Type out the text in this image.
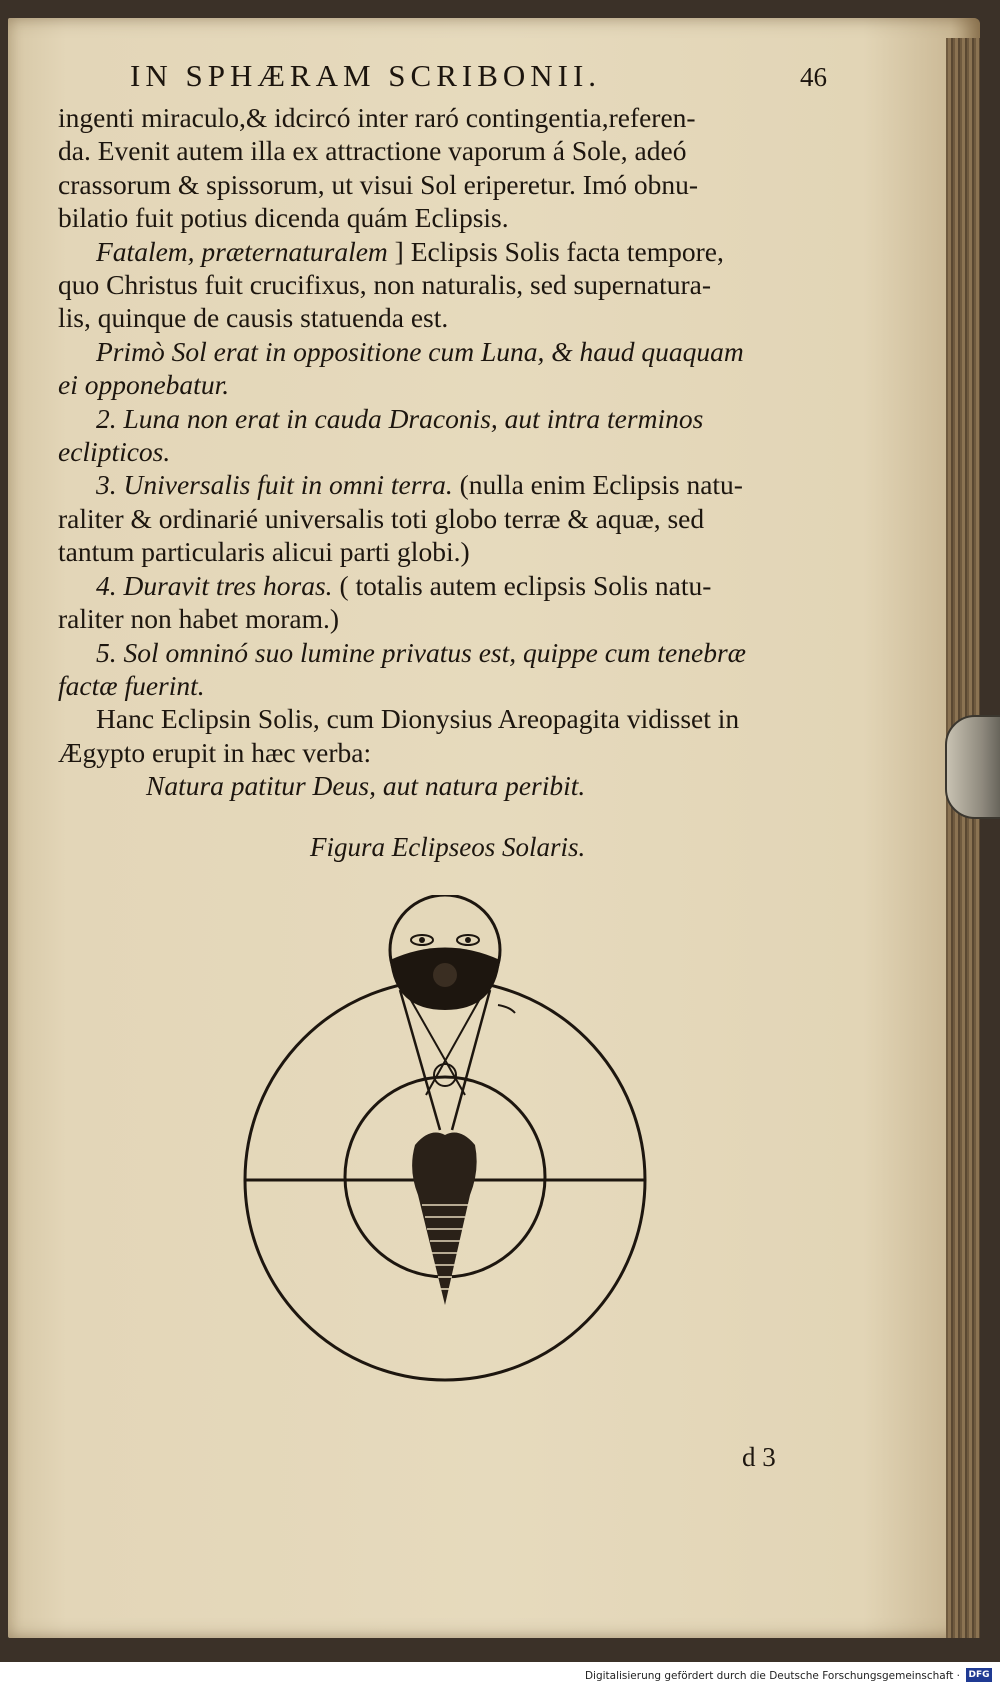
IN SPHÆRAM SCRIBONII.	46
ingenti miraculo,& idcircó inter raró contingentia,referen-
da. Evenit autem illa ex attractione vaporum á Sole, adeó
crassorum & spissorum, ut visui Sol eriperetur. Imó obnu-
bilatio fuit potius dicenda quám Eclipsis.
Fatalem, præternaturalem ] Eclipsis Solis facta tempore,
quo Christus fuit crucifixus, non naturalis, sed supernatura-
lis, quinque de causis statuenda est.
Primò Sol erat in oppositione cum Luna, & haud quaquam
ei opponebatur.
2. Luna non erat in cauda Draconis, aut intra terminos
eclipticos.
3. Universalis fuit in omni terra. (nulla enim Eclipsis natu-
raliter & ordinarié universalis toti globo terræ & aquæ, sed
tantum particularis alicui parti globi.)
4. Duravit tres horas. ( totalis autem eclipsis Solis natu-
raliter non habet moram.)
5. Sol omninó suo lumine privatus est, quippe cum tenebræ
factæ fuerint.
Hanc Eclipsin Solis, cum Dionysius Areopagita vidisset in
Ægypto erupit in hæc verba:
Natura patitur Deus, aut natura peribit.
Figura Eclipseos Solaris.
d 3
Digitalisierung gefördert durch die Deutsche Forschungsgemeinschaft · DFG
